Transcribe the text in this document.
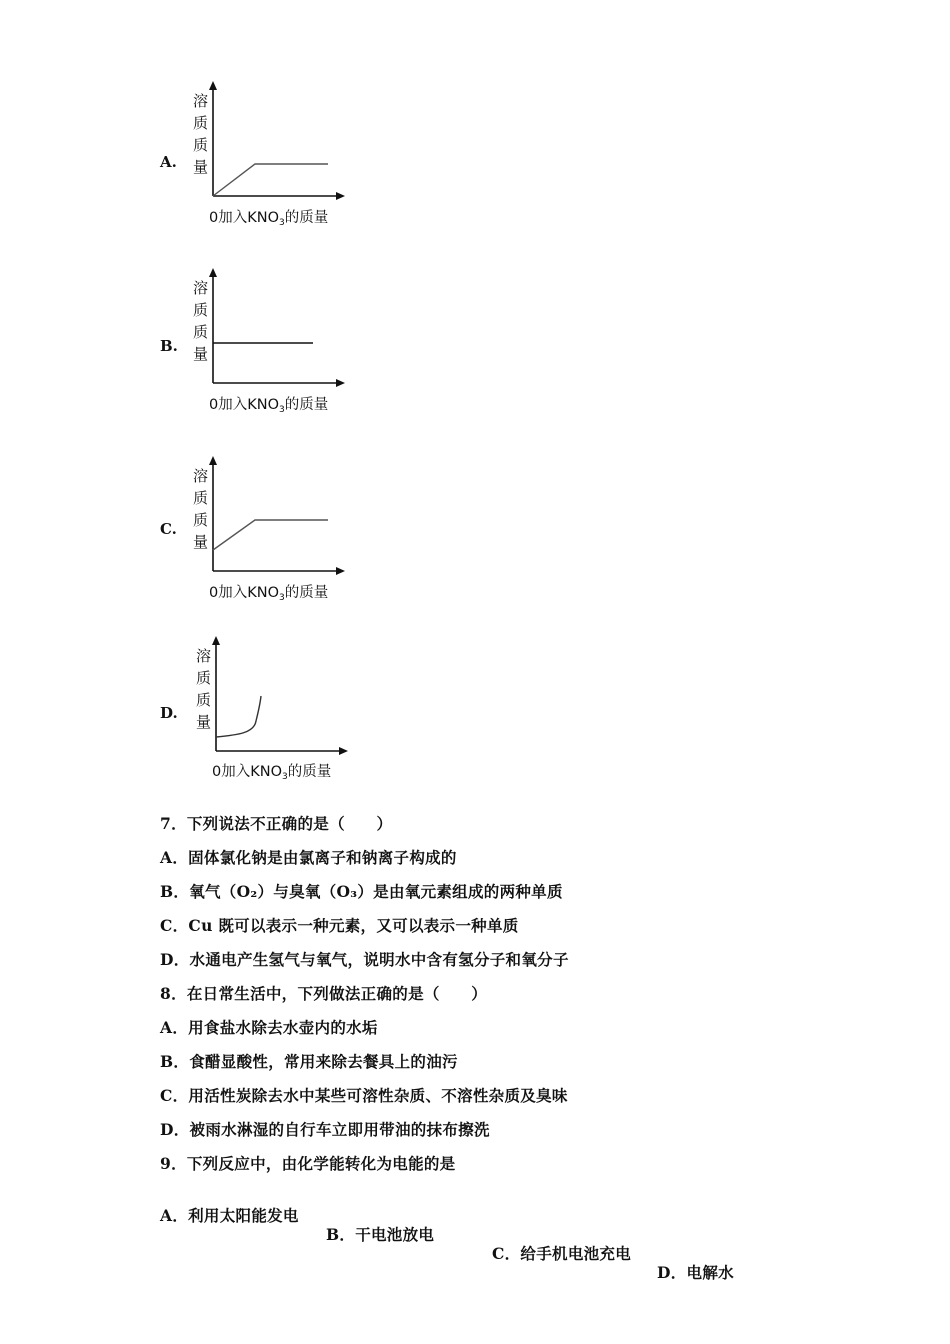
A.
溶
质
质
量
0加入$KNO_3$的质量
B.
溶
质
质
量
0加入$KNO_3$的质量
C.
溶
质
质
量
0加入$KNO_3$的质量
D.
溶
质
质
量
0加入$KNO_3$的质量
7．下列说法不正确的是（　　）
A．固体氯化钠是由氯离子和钠离子构成的
B．氧气（O₂）与臭氧（O₃）是由氧元素组成的两种单质
C．Cu 既可以表示一种元素，又可以表示一种单质
D．水通电产生氢气与氧气，说明水中含有氢分子和氧分子
8．在日常生活中，下列做法正确的是（　　）
A．用食盐水除去水壶内的水垢
B．食醋显酸性，常用来除去餐具上的油污
C．用活性炭除去水中某些可溶性杂质、不溶性杂质及臭味
D．被雨水淋湿的自行车立即用带油的抹布擦洗
9．下列反应中，由化学能转化为电能的是

A．利用太阳能发电

B．干电池放电

C．给手机电池充电

D．电解水
